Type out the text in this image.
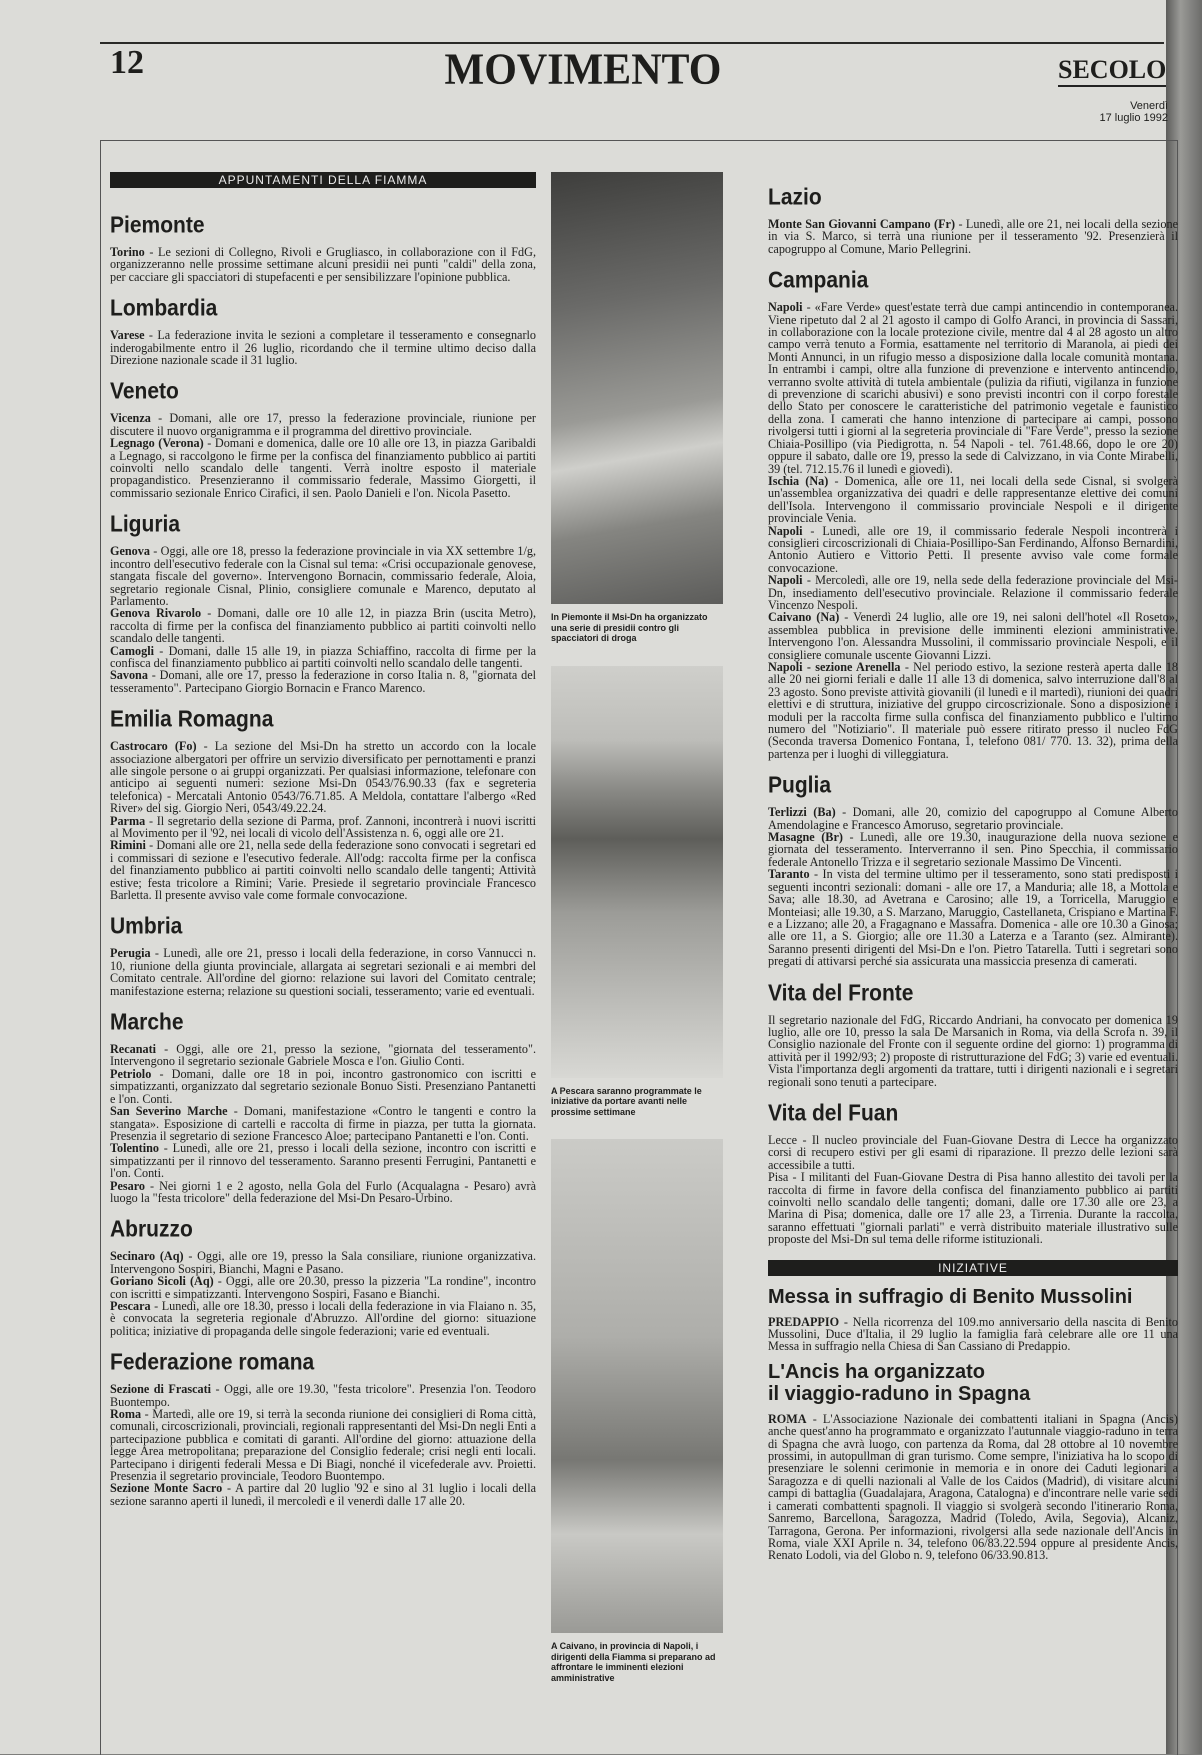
12	MOVIMENTO	SECOLO
Venerdì
17 luglio 1992
APPUNTAMENTI DELLA FIAMMA
Piemonte

Torino - Le sezioni di Collegno, Rivoli e Grugliasco, in collaborazione con il FdG, organizzeranno nelle prossime settimane alcuni presidii nei punti "caldi" della zona, per cacciare gli spacciatori di stupefacenti e per sensibilizzare l'opinione pubblica.

Lombardia

Varese - La federazione invita le sezioni a completare il tesseramento e consegnarlo inderogabilmente entro il 26 luglio, ricordando che il termine ultimo deciso dalla Direzione nazionale scade il 31 luglio.

Veneto

Vicenza - Domani, alle ore 17, presso la federazione provinciale, riunione per discutere il nuovo organigramma e il programma del direttivo provinciale.

Legnago (Verona) - Domani e domenica, dalle ore 10 alle ore 13, in piazza Garibaldi a Legnago, si raccolgono le firme per la confisca del finanziamento pubblico ai partiti coinvolti nello scandalo delle tangenti. Verrà inoltre esposto il materiale propagandistico. Presenzieranno il commissario federale, Massimo Giorgetti, il commissario sezionale Enrico Cirafici, il sen. Paolo Danieli e l'on. Nicola Pasetto.

Liguria

Genova - Oggi, alle ore 18, presso la federazione provinciale in via XX settembre 1/g, incontro dell'esecutivo federale con la Cisnal sul tema: «Crisi occupazionale genovese, stangata fiscale del governo». Intervengono Bornacin, commissario federale, Aloia, segretario regionale Cisnal, Plinio, consigliere comunale e Marenco, deputato al Parlamento.

Genova Rivarolo - Domani, dalle ore 10 alle 12, in piazza Brin (uscita Metro), raccolta di firme per la confisca del finanziamento pubblico ai partiti coinvolti nello scandalo delle tangenti.

Camogli - Domani, dalle 15 alle 19, in piazza Schiaffino, raccolta di firme per la confisca del finanziamento pubblico ai partiti coinvolti nello scandalo delle tangenti.

Savona - Domani, alle ore 17, presso la federazione in corso Italia n. 8, "giornata del tesseramento". Partecipano Giorgio Bornacin e Franco Marenco.

Emilia Romagna

Castrocaro (Fo) - La sezione del Msi-Dn ha stretto un accordo con la locale associazione albergatori per offrire un servizio diversificato per pernottamenti e pranzi alle singole persone o ai gruppi organizzati. Per qualsiasi informazione, telefonare con anticipo ai seguenti numeri: sezione Msi-Dn 0543/76.90.33 (fax e segreteria telefonica) - Mercatali Antonio 0543/76.71.85. A Meldola, contattare l'albergo «Red River» del sig. Giorgio Neri, 0543/49.22.24.

Parma - Il segretario della sezione di Parma, prof. Zannoni, incontrerà i nuovi iscritti al Movimento per il '92, nei locali di vicolo dell'Assistenza n. 6, oggi alle ore 21.

Rimini - Domani alle ore 21, nella sede della federazione sono convocati i segretari ed i commissari di sezione e l'esecutivo federale. All'odg: raccolta firme per la confisca del finanziamento pubblico ai partiti coinvolti nello scandalo delle tangenti; Attività estive; festa tricolore a Rimini; Varie. Presiede il segretario provinciale Francesco Barletta. Il presente avviso vale come formale convocazione.

Umbria

Perugia - Lunedì, alle ore 21, presso i locali della federazione, in corso Vannucci n. 10, riunione della giunta provinciale, allargata ai segretari sezionali e ai membri del Comitato centrale. All'ordine del giorno: relazione sui lavori del Comitato centrale; manifestazione esterna; relazione su questioni sociali, tesseramento; varie ed eventuali.

Marche

Recanati - Oggi, alle ore 21, presso la sezione, "giornata del tesseramento". Intervengono il segretario sezionale Gabriele Mosca e l'on. Giulio Conti.

Petriolo - Domani, dalle ore 18 in poi, incontro gastronomico con iscritti e simpatizzanti, organizzato dal segretario sezionale Bonuo Sisti. Presenziano Pantanetti e l'on. Conti.

San Severino Marche - Domani, manifestazione «Contro le tangenti e contro la stangata». Esposizione di cartelli e raccolta di firme in piazza, per tutta la giornata. Presenzia il segretario di sezione Francesco Aloe; partecipano Pantanetti e l'on. Conti.

Tolentino - Lunedì, alle ore 21, presso i locali della sezione, incontro con iscritti e simpatizzanti per il rinnovo del tesseramento. Saranno presenti Ferrugini, Pantanetti e l'on. Conti.

Pesaro - Nei giorni 1 e 2 agosto, nella Gola del Furlo (Acqualagna - Pesaro) avrà luogo la "festa tricolore" della federazione del Msi-Dn Pesaro-Urbino.

Abruzzo

Secinaro (Aq) - Oggi, alle ore 19, presso la Sala consiliare, riunione organizzativa. Intervengono Sospiri, Bianchi, Magni e Pasano.

Goriano Sicoli (Aq) - Oggi, alle ore 20.30, presso la pizzeria "La rondine", incontro con iscritti e simpatizzanti. Intervengono Sospiri, Fasano e Bianchi.

Pescara - Lunedì, alle ore 18.30, presso i locali della federazione in via Flaiano n. 35, è convocata la segreteria regionale d'Abruzzo. All'ordine del giorno: situazione politica; iniziative di propaganda delle singole federazioni; varie ed eventuali.

Federazione romana

Sezione di Frascati - Oggi, alle ore 19.30, "festa tricolore". Presenzia l'on. Teodoro Buontempo.

Roma - Martedì, alle ore 19, si terrà la seconda riunione dei consiglieri di Roma città, comunali, circoscrizionali, provinciali, regionali rappresentanti del Msi-Dn negli Enti a partecipazione pubblica e comitati di garanti. All'ordine del giorno: attuazione della legge Area metropolitana; preparazione del Consiglio federale; crisi negli enti locali. Partecipano i dirigenti federali Messa e Di Biagi, nonché il vicefederale avv. Proietti. Presenzia il segretario provinciale, Teodoro Buontempo.

Sezione Monte Sacro - A partire dal 20 luglio '92 e sino al 31 luglio i locali della sezione saranno aperti il lunedì, il mercoledì e il venerdì dalle 17 alle 20.

In Piemonte il Msi-Dn ha organizzato una serie di presidii contro gli spacciatori di droga
A Pescara saranno programmate le iniziative da portare avanti nelle prossime settimane
A Caivano, in provincia di Napoli, i dirigenti della Fiamma si preparano ad affrontare le imminenti elezioni amministrative
Lazio

Monte San Giovanni Campano (Fr) - Lunedì, alle ore 21, nei locali della sezione in via S. Marco, si terrà una riunione per il tesseramento '92. Presenzierà il capogruppo al Comune, Mario Pellegrini.

Campania

Napoli - «Fare Verde» quest'estate terrà due campi antincendio in contemporanea. Viene ripetuto dal 2 al 21 agosto il campo di Golfo Aranci, in provincia di Sassari, in collaborazione con la locale protezione civile, mentre dal 4 al 28 agosto un altro campo verrà tenuto a Formia, esattamente nel territorio di Maranola, ai piedi dei Monti Annunci, in un rifugio messo a disposizione dalla locale comunità montana. In entrambi i campi, oltre alla funzione di prevenzione e intervento antincendio, verranno svolte attività di tutela ambientale (pulizia da rifiuti, vigilanza in funzione di prevenzione di scarichi abusivi) e sono previsti incontri con il corpo forestale dello Stato per conoscere le caratteristiche del patrimonio vegetale e faunistico della zona. I camerati che hanno intenzione di partecipare ai campi, possono rivolgersi tutti i giorni al la segreteria provinciale di "Fare Verde", presso la sezione Chiaia-Posillipo (via Piedigrotta, n. 54 Napoli - tel. 761.48.66, dopo le ore 20) oppure il sabato, dalle ore 19, presso la sede di Calvizzano, in via Conte Mirabelli, 39 (tel. 712.15.76 il lunedì e giovedì).

Ischia (Na) - Domenica, alle ore 11, nei locali della sede Cisnal, si svolgerà un'assemblea organizzativa dei quadri e delle rappresentanze elettive dei comuni dell'Isola. Intervengono il commissario provinciale Nespoli e il dirigente provinciale Venia.

Napoli - Lunedì, alle ore 19, il commissario federale Nespoli incontrerà i consiglieri circoscrizionali di Chiaia-Posillipo-San Ferdinando, Alfonso Bernardini, Antonio Autiero e Vittorio Petti. Il presente avviso vale come formale convocazione.

Napoli - Mercoledì, alle ore 19, nella sede della federazione provinciale del Msi-Dn, insediamento dell'esecutivo provinciale. Relazione il commissario federale Vincenzo Nespoli.

Caivano (Na) - Venerdì 24 luglio, alle ore 19, nei saloni dell'hotel «Il Roseto», assemblea pubblica in previsione delle imminenti elezioni amministrative. Intervengono l'on. Alessandra Mussolini, il commissario provinciale Nespoli, e il consigliere comunale uscente Giovanni Lizzi.

Napoli - sezione Arenella - Nel periodo estivo, la sezione resterà aperta dalle 18 alle 20 nei giorni feriali e dalle 11 alle 13 di domenica, salvo interruzione dall'8 al 23 agosto. Sono previste attività giovanili (il lunedì e il martedì), riunioni dei quadri elettivi e di struttura, iniziative del gruppo circoscrizionale. Sono a disposizione i moduli per la raccolta firme sulla confisca del finanziamento pubblico e l'ultimo numero del "Notiziario". Il materiale può essere ritirato presso il nucleo FdG (Seconda traversa Domenico Fontana, 1, telefono 081/ 770. 13. 32), prima della partenza per i luoghi di villeggiatura.

Puglia

Terlizzi (Ba) - Domani, alle 20, comizio del capogruppo al Comune Alberto Amendolagine e Francesco Amoruso, segretario provinciale.

Masagne (Br) - Lunedì, alle ore 19.30, inaugurazione della nuova sezione e giornata del tesseramento. Interverranno il sen. Pino Specchia, il commissario federale Antonello Trizza e il segretario sezionale Massimo De Vincenti.

Taranto - In vista del termine ultimo per il tesseramento, sono stati predisposti i seguenti incontri sezionali: domani - alle ore 17, a Manduria; alle 18, a Mottola e Sava; alle 18.30, ad Avetrana e Carosino; alle 19, a Torricella, Maruggio e Monteiasi; alle 19.30, a S. Marzano, Maruggio, Castellaneta, Crispiano e Martina F. e a Lizzano; alle 20, a Fragagnano e Massafra. Domenica - alle ore 10.30 a Ginosa; alle ore 11, a S. Giorgio; alle ore 11.30 a Laterza e a Taranto (sez. Almirante). Saranno presenti dirigenti del Msi-Dn e l'on. Pietro Tatarella. Tutti i segretari sono pregati di attivarsi perché sia assicurata una massiccia presenza di camerati.

Vita del Fronte

Il segretario nazionale del FdG, Riccardo Andriani, ha convocato per domenica 19 luglio, alle ore 10, presso la sala De Marsanich in Roma, via della Scrofa n. 39, il Consiglio nazionale del Fronte con il seguente ordine del giorno: 1) programma di attività per il 1992/93; 2) proposte di ristrutturazione del FdG; 3) varie ed eventuali. Vista l'importanza degli argomenti da trattare, tutti i dirigenti nazionali e i segretari regionali sono tenuti a partecipare.

Vita del Fuan

Lecce - Il nucleo provinciale del Fuan-Giovane Destra di Lecce ha organizzato corsi di recupero estivi per gli esami di riparazione. Il prezzo delle lezioni sarà accessibile a tutti.

Pisa - I militanti del Fuan-Giovane Destra di Pisa hanno allestito dei tavoli per la raccolta di firme in favore della confisca del finanziamento pubblico ai partiti coinvolti nello scandalo delle tangenti; domani, dalle ore 17.30 alle ore 23, a Marina di Pisa; domenica, dalle ore 17 alle 23, a Tirrenia. Durante la raccolta, saranno effettuati "giornali parlati" e verrà distribuito materiale illustrativo sulle proposte del Msi-Dn sul tema delle riforme istituzionali.

INIZIATIVE
Messa in suffragio di Benito Mussolini

PREDAPPIO - Nella ricorrenza del 109.mo anniversario della nascita di Benito Mussolini, Duce d'Italia, il 29 luglio la famiglia farà celebrare alle ore 11 una Messa in suffragio nella Chiesa di San Cassiano di Predappio.

L'Ancis ha organizzato
il viaggio-raduno in Spagna

ROMA - L'Associazione Nazionale dei combattenti italiani in Spagna (Ancis) anche quest'anno ha programmato e organizzato l'autunnale viaggio-raduno in terra di Spagna che avrà luogo, con partenza da Roma, dal 28 ottobre al 10 novembre prossimi, in autopullman di gran turismo. Come sempre, l'iniziativa ha lo scopo di presenziare le solenni cerimonie in memoria e in onore dei Caduti legionari a Saragozza e di quelli nazionali al Valle de los Caidos (Madrid), di visitare alcuni campi di battaglia (Guadalajara, Aragona, Catalogna) e d'incontrare nelle varie sedi i camerati combattenti spagnoli. Il viaggio si svolgerà secondo l'itinerario Roma, Sanremo, Barcellona, Saragozza, Madrid (Toledo, Avila, Segovia), Alcaniz, Tarragona, Gerona. Per informazioni, rivolgersi alla sede nazionale dell'Ancis in Roma, viale XXI Aprile n. 34, telefono 06/83.22.594 oppure al presidente Ancis, Renato Lodoli, via del Globo n. 9, telefono 06/33.90.813.
